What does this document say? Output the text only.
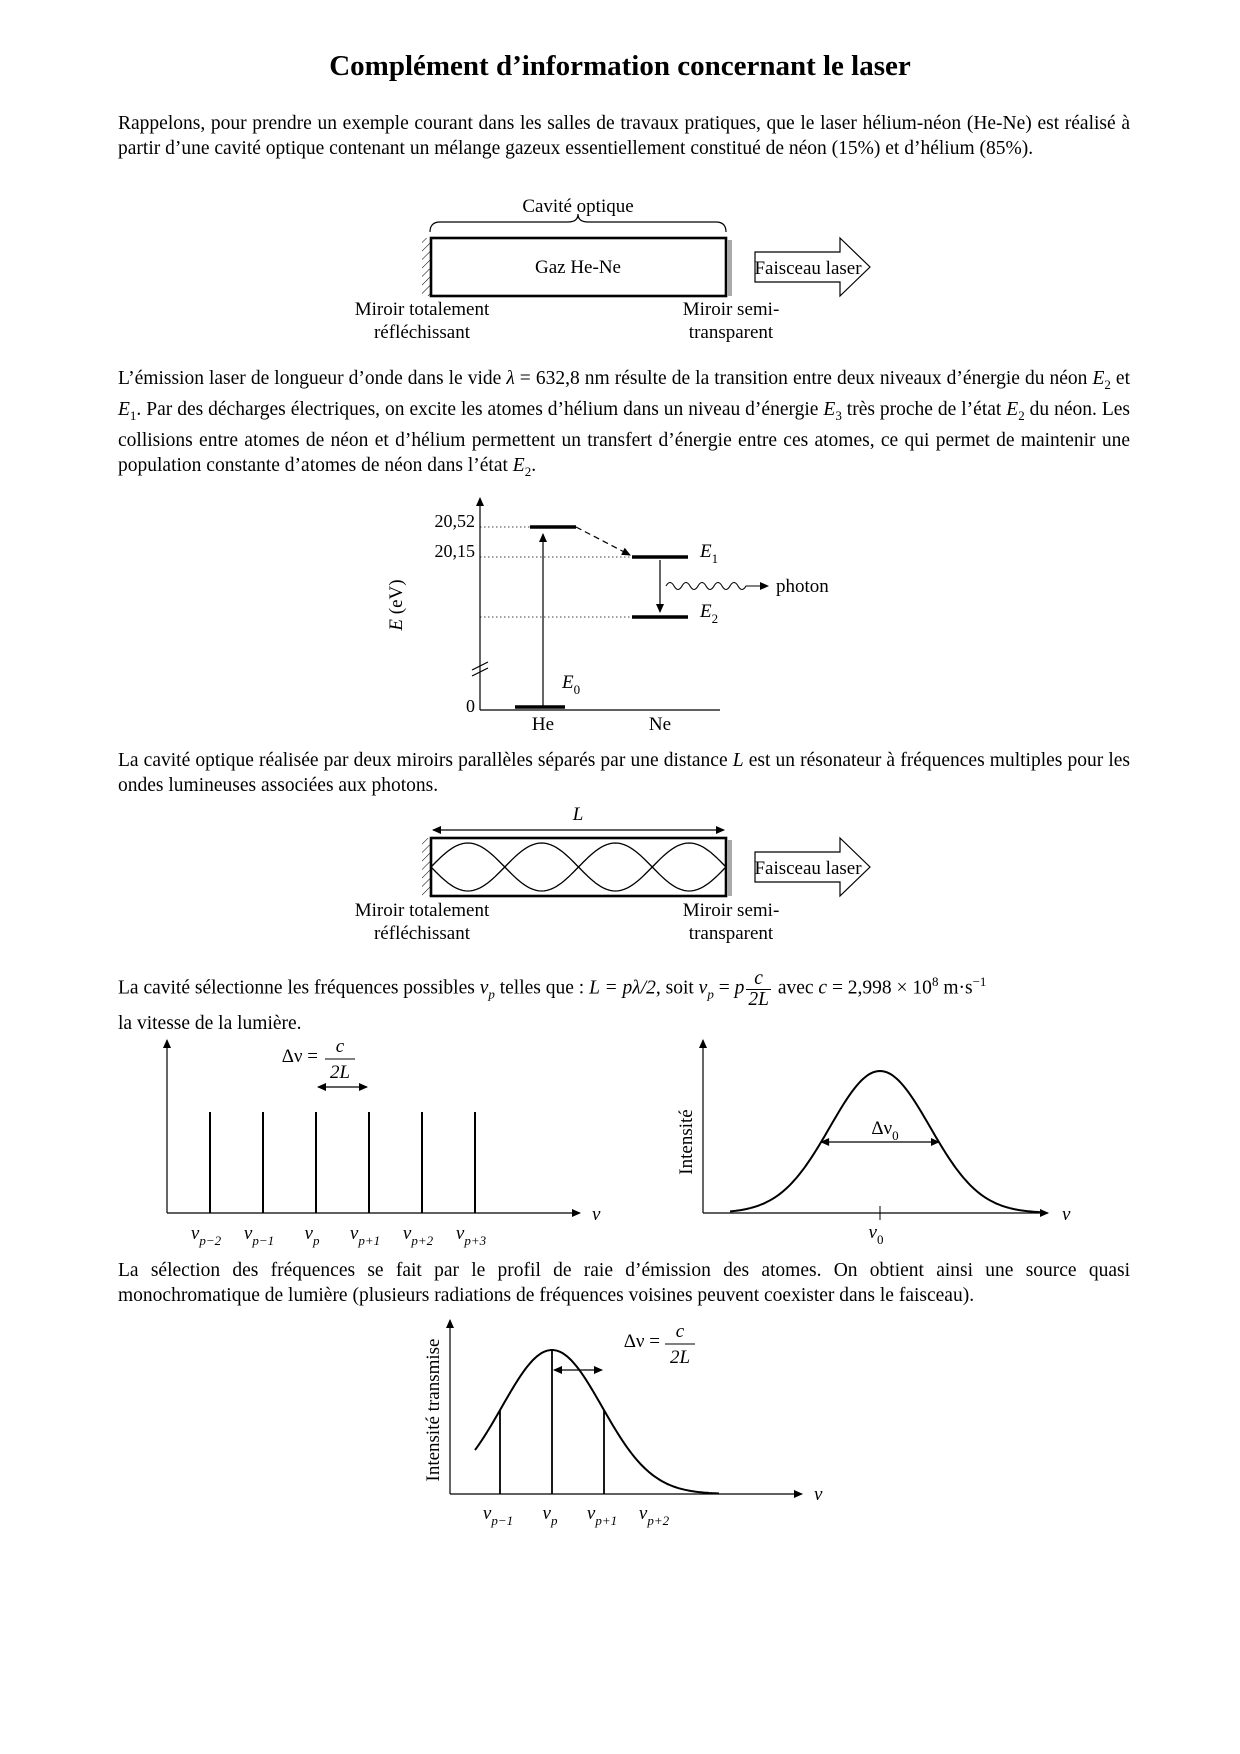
Complément d’information concernant le laser

Rappelons, pour prendre un exemple courant dans les salles de travaux pratiques, que le laser hélium-néon (He-Ne) est réalisé à partir d’une cavité optique contenant un mélange gazeux essentiellement constitué de néon (15%) et d’hélium (85%).

Cavité optique
Gaz He-Ne	Faisceau laser
Miroir totalement
réfléchissant
Miroir semi-
transparent

L’émission laser de longueur d’onde dans le vide λ = 632,8 nm résulte de la transition entre deux niveaux d’énergie du néon $E_2$ et $E_1$. Par des décharges électriques, on excite les atomes d’hélium dans un niveau d’énergie $E_3$ très proche de l’état $E_2$ du néon. Les collisions entre atomes de néon et d’hélium permettent un transfert d’énergie entre ces atomes, ce qui permet de maintenir une population constante d’atomes de néon dans l’état $E_2$.

E (eV)
20,52
20,15
0
photon
$E_1$
$E_2$
$E_0$
He	Ne

La cavité optique réalisée par deux miroirs parallèles séparés par une distance L est un résonateur à fréquences multiples pour les ondes lumineuses associées aux photons.

L
Faisceau laser
Miroir totalement
réfléchissant
Miroir semi-
transparent
La cavité sélectionne les fréquences possibles $\nu_p$ telles que : L = pλ/2, soit $\nu_p = p \frac{c}{2L}$ avec $c = 2,998 \times 10^8$ $m\cdot s^{-1}$
la vitesse de la lumière.
ν
$\nu_{p-2}$ $\nu_{p-1}$ $\nu_p$ $\nu_{p+1}$ $\nu_{p+2}$ $\nu_{p+3}$
Δν = c
2L
Intensité
ν
$\Delta\nu_0$
$\nu_0$

La sélection des fréquences se fait par le profil de raie d’émission des atomes. On obtient ainsi une source quasi monochromatique de lumière (plusieurs radiations de fréquences voisines peuvent coexister dans le faisceau).

Intensité transmise
ν
$\nu_{p-1}$ $\nu_p$ $\nu_{p+1}$ $\nu_{p+2}$
Δν = c
2L
